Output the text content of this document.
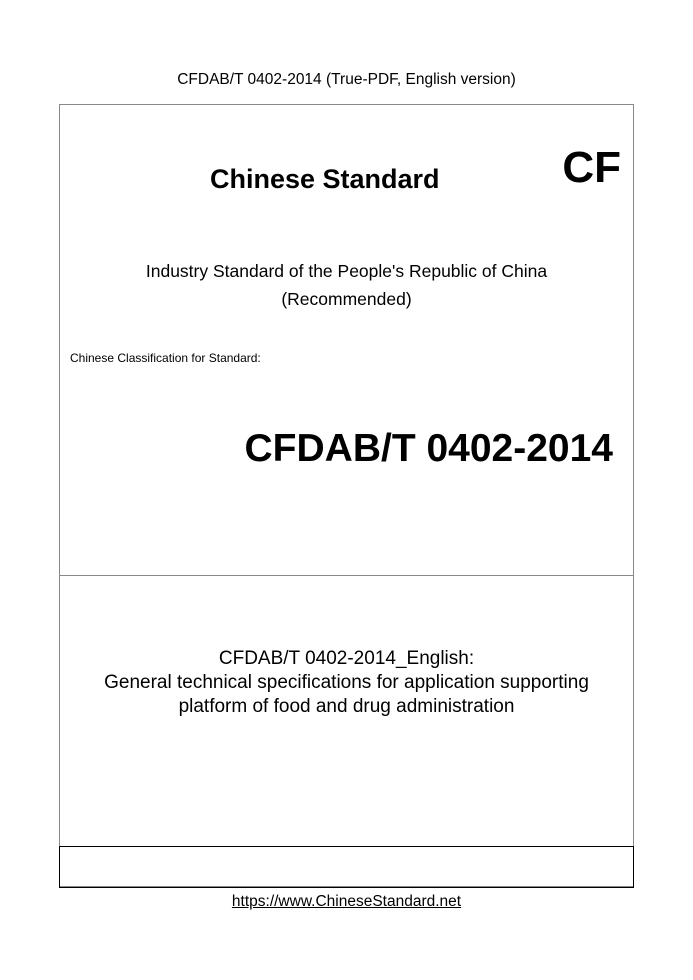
CFDAB/T 0402-2014 (True-PDF, English version)
Chinese Standard	CF
Industry Standard of the People's Republic of China
(Recommended)
Chinese Classification for Standard:
CFDAB/T 0402-2014
CFDAB/T 0402-2014_English:
General technical specifications for application supporting
platform of food and drug administration
https://www.ChineseStandard.net
